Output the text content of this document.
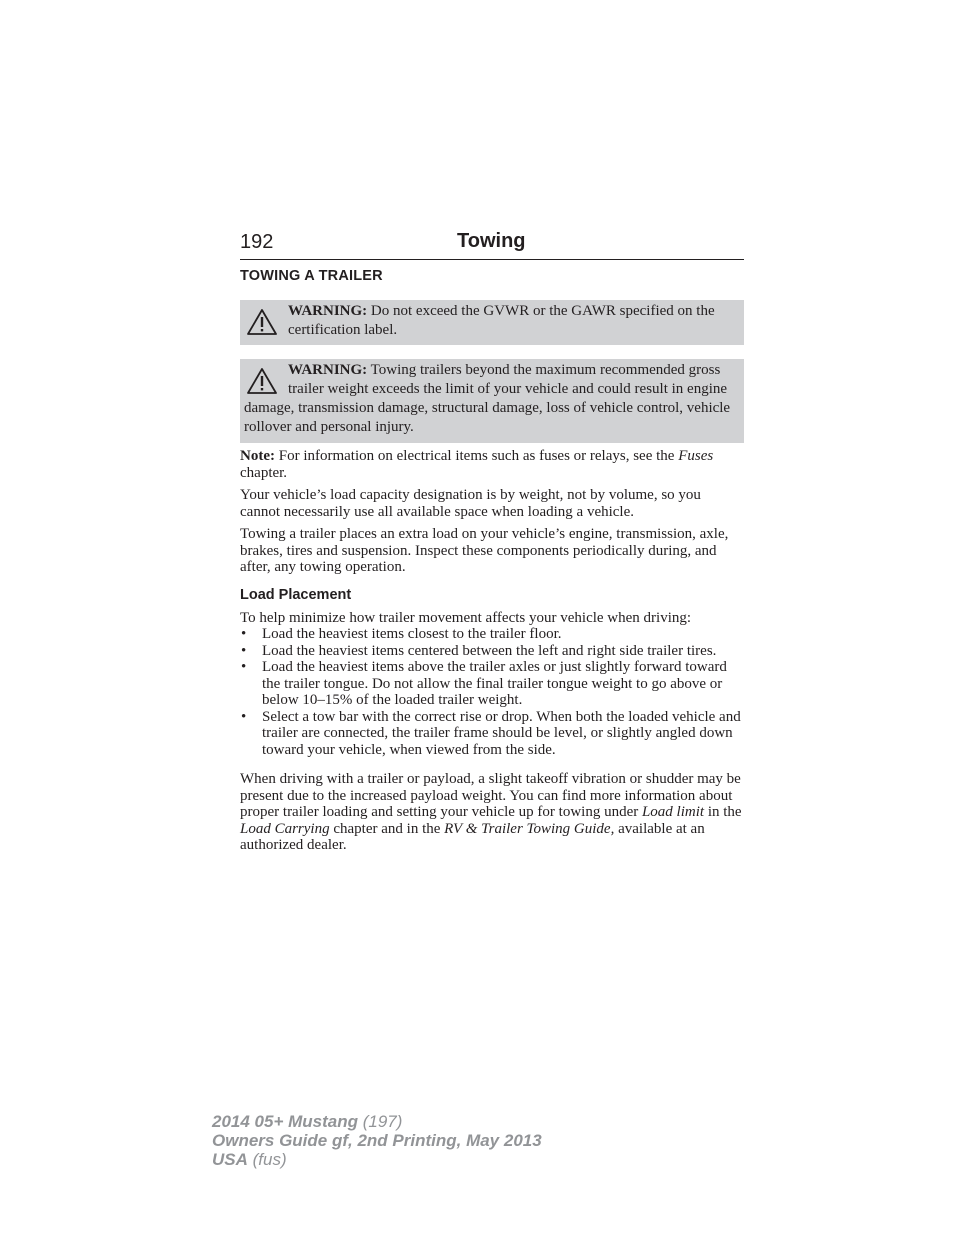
192	Towing
TOWING A TRAILER
WARNING: Do not exceed the GVWR or the GAWR specified on the certification label.
WARNING: Towing trailers beyond the maximum recommended gross trailer weight exceeds the limit of your vehicle and could result in engine damage, transmission damage, structural damage, loss of vehicle control, vehicle rollover and personal injury.

Note: For information on electrical items such as fuses or relays, see the Fuses chapter.

Your vehicle’s load capacity designation is by weight, not by volume, so you cannot necessarily use all available space when loading a vehicle.

Towing a trailer places an extra load on your vehicle’s engine, transmission, axle, brakes, tires and suspension. Inspect these components periodically during, and after, any towing operation.

Load Placement

To help minimize how trailer movement affects your vehicle when driving:

• Load the heaviest items closest to the trailer floor.
• Load the heaviest items centered between the left and right side trailer tires.
• Load the heaviest items above the trailer axles or just slightly forward toward the trailer tongue. Do not allow the final trailer tongue weight to go above or below 10–15% of the loaded trailer weight.
• Select a tow bar with the correct rise or drop. When both the loaded vehicle and trailer are connected, the trailer frame should be level, or slightly angled down toward your vehicle, when viewed from the side.

When driving with a trailer or payload, a slight takeoff vibration or shudder may be present due to the increased payload weight. You can find more information about proper trailer loading and setting your vehicle up for towing under Load limit in the Load Carrying chapter and in the RV & Trailer Towing Guide, available at an authorized dealer.

2014 05+ Mustang (197)
Owners Guide gf, 2nd Printing, May 2013
USA (fus)
